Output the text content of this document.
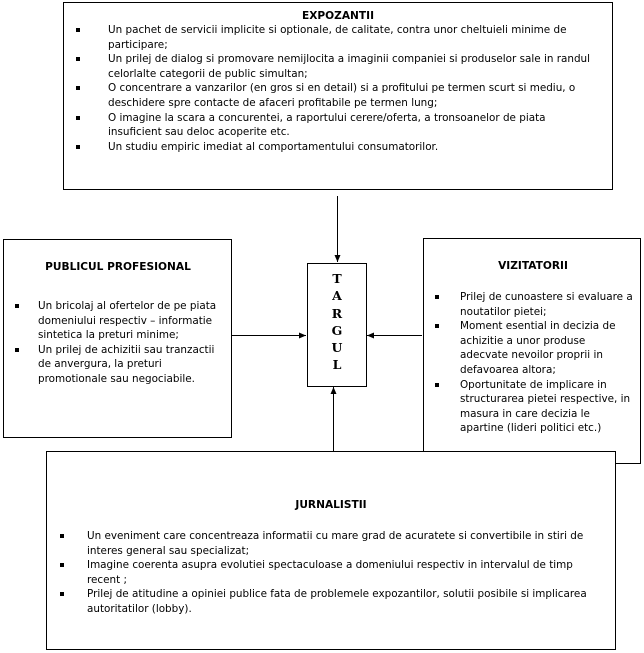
EXPOZANTII
Un pachet de servicii implicite si optionale, de calitate, contra unor cheltuieli minime de participare;
Un prilej de dialog si promovare nemijlocita a imaginii companiei si produselor sale in randul celorlalte categorii de public simultan;
O concentrare a vanzarilor (en gros si en detail) si a profitului pe termen scurt si mediu, o deschidere spre contacte de afaceri profitabile pe termen lung;
O imagine la scara a concurentei, a raportului cerere/oferta, a tronsoanelor de piata insuficient sau deloc acoperite etc.
Un studiu empiric imediat al comportamentului consumatorilor.
PUBLICUL PROFESIONAL
Un bricolaj al ofertelor de pe piata domeniului respectiv – informatie sintetica la preturi minime;
Un prilej de achizitii sau tranzactii de anvergura, la preturi promotionale sau negociabile.
T
A
R
G
U
L
VIZITATORII
Prilej de cunoastere si evaluare a noutatilor pietei;
Moment esential in decizia de achizitie a unor produse adecvate nevoilor proprii in defavoarea altora;
Oportunitate de implicare in structurarea pietei respective, in masura in care decizia le apartine (lideri politici etc.)
JURNALISTII
Un eveniment care concentreaza informatii cu mare grad de acuratete si convertibile in stiri de interes general sau specializat;
Imagine coerenta asupra evolutiei spectaculoase a domeniului respectiv in intervalul de timp recent ;
Prilej de atitudine a opiniei publice fata de problemele expozantilor, solutii posibile si implicarea autoritatilor (lobby).
